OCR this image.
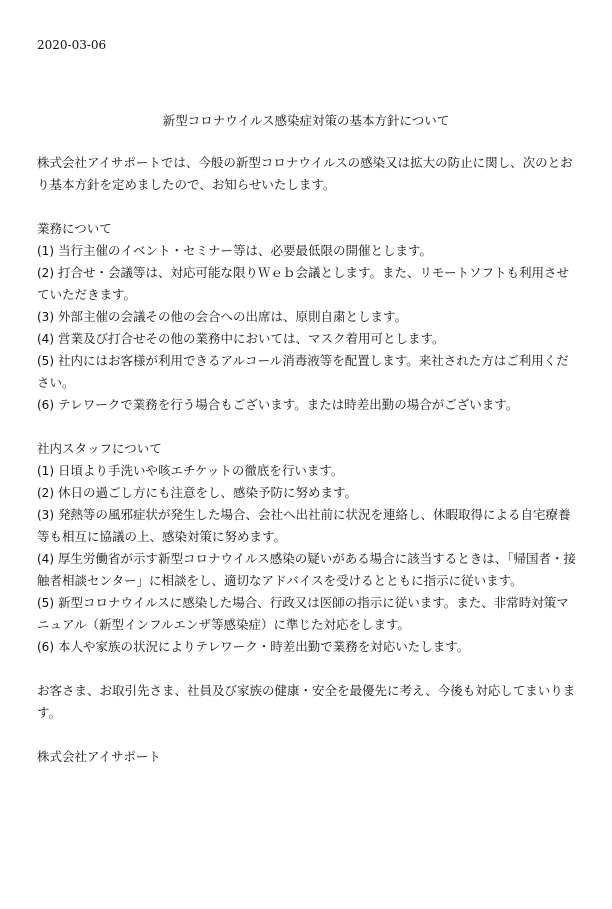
2020-03-06
新型コロナウイルス感染症対策の基本方針について

株式会社アイサポートでは、今般の新型コロナウイルスの感染又は拡大の防止に関し、次のとおり基本方針を定めましたので、お知らせいたします。

業務について

(1) 当行主催のイベント・セミナー等は、必要最低限の開催とします。

(2) 打合せ・会議等は、対応可能な限りＷｅｂ会議とします。また、リモートソフトも利用させていただきます。

(3) 外部主催の会議その他の会合への出席は、原則自粛とします。

(4) 営業及び打合せその他の業務中においては、マスク着用可とします。

(5) 社内にはお客様が利用できるアルコール消毒液等を配置します。来社された方はご利用ください。

(6) テレワークで業務を行う場合もございます。または時差出勤の場合がございます。

社内スタッフについて

(1) 日頃より手洗いや咳エチケットの徹底を行います。

(2) 休日の過ごし方にも注意をし、感染予防に努めます。

(3) 発熱等の風邪症状が発生した場合、会社へ出社前に状況を連絡し、休暇取得による自宅療養等も相互に協議の上、感染対策に努めます。

(4) 厚生労働省が示す新型コロナウイルス感染の疑いがある場合に該当するときは、「帰国者・接触者相談センター」に相談をし、適切なアドバイスを受けるとともに指示に従います。

(5) 新型コロナウイルスに感染した場合、行政又は医師の指示に従います。また、非常時対策マニュアル（新型インフルエンザ等感染症）に準じた対応をします。

(6) 本人や家族の状況によりテレワーク・時差出勤で業務を対応いたします。

お客さま、お取引先さま、社員及び家族の健康・安全を最優先に考え、今後も対応してまいります。

株式会社アイサポート
